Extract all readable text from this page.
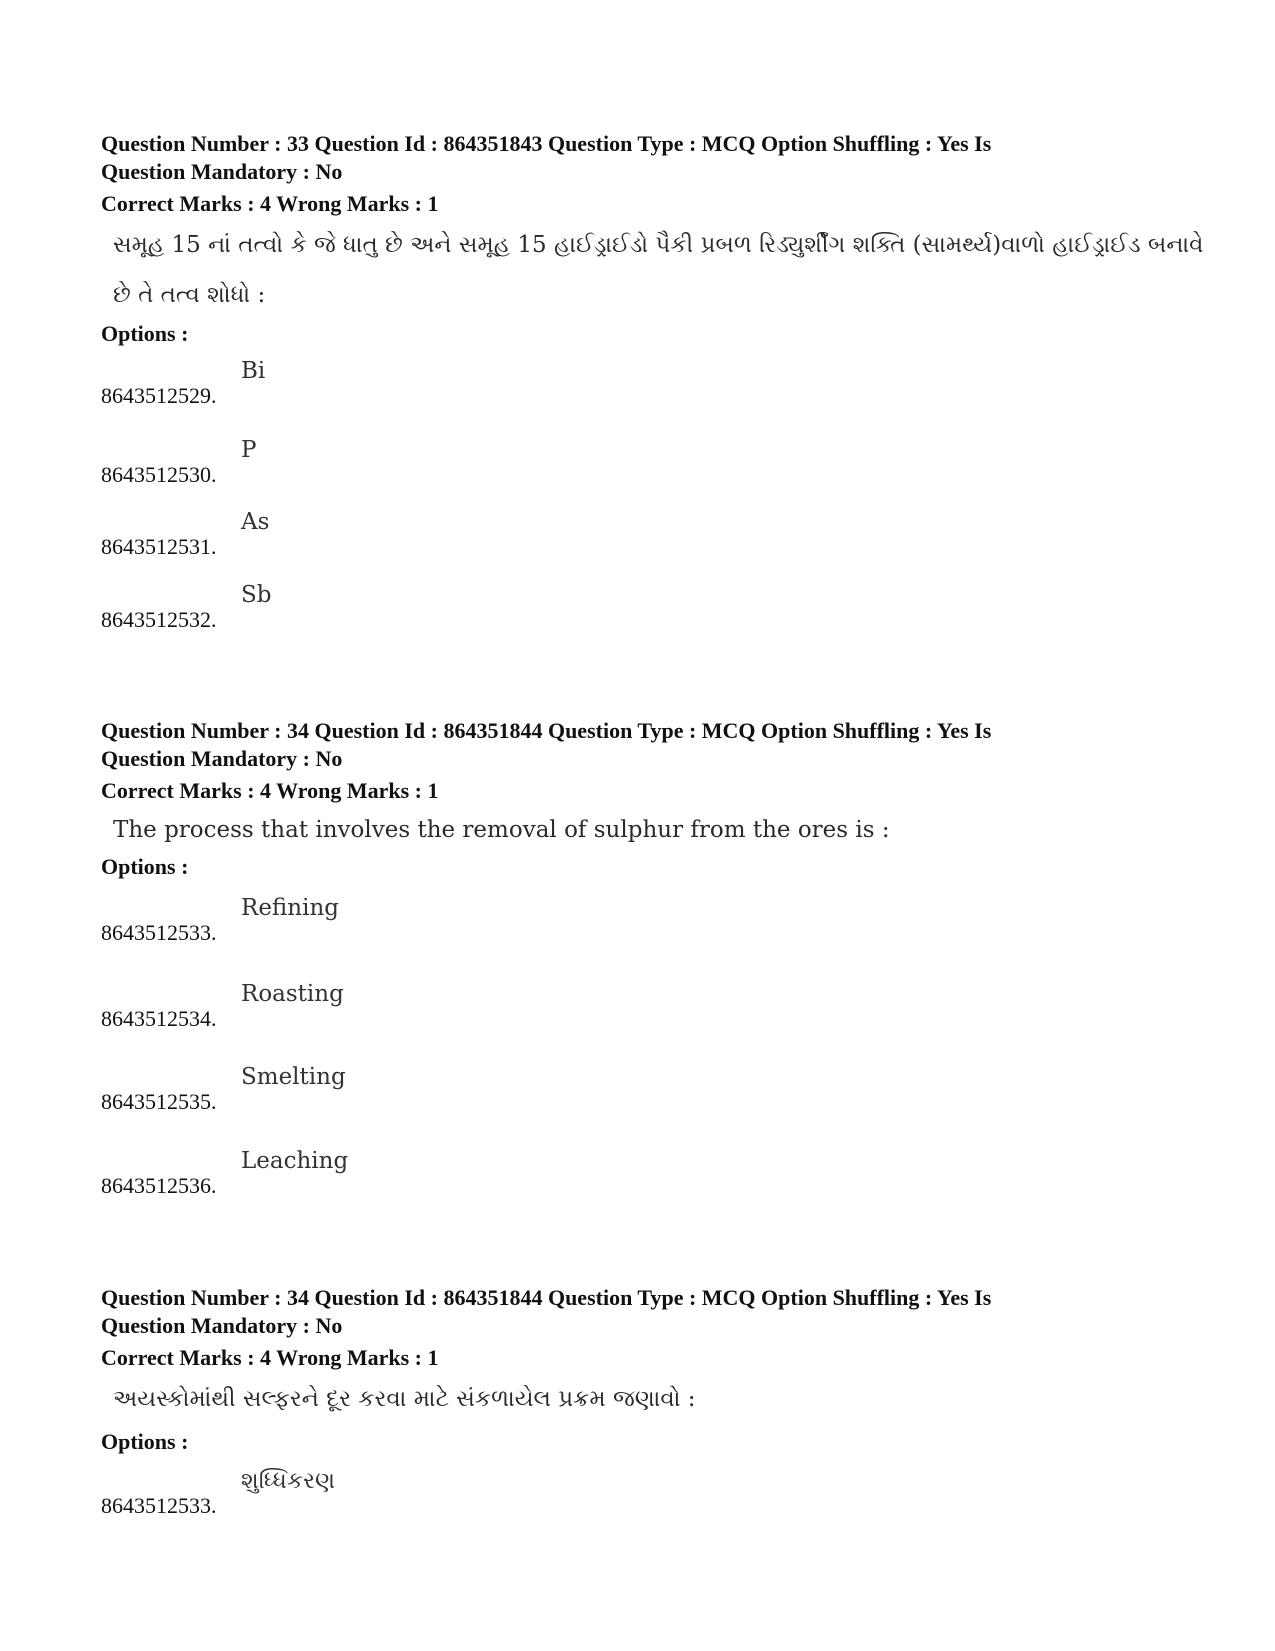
Question Number : 33 Question Id : 864351843 Question Type : MCQ Option Shuffling : Yes Is

Question Mandatory : No

Correct Marks : 4 Wrong Marks : 1

સમૂહ 15 નાં તત્વો કે જે ધાતુ છે અને સમૂહ 15 હાઈડ્રાઈડો પૈકી પ્રબળ રિડ્યુર્શીંગ શક્તિ (સામર્થ્ય)વાળો હાઈડ્રાઈડ બનાવે
છે તે તત્વ શોધો :

Options :

8643512529.
Bi
8643512530.
P
8643512531.
As
8643512532.
Sb

Question Number : 34 Question Id : 864351844 Question Type : MCQ Option Shuffling : Yes Is

Question Mandatory : No

Correct Marks : 4 Wrong Marks : 1

The process that involves the removal of sulphur from the ores is :

Options :

8643512533.
Refining
8643512534.
Roasting
8643512535.
Smelting
8643512536.
Leaching

Question Number : 34 Question Id : 864351844 Question Type : MCQ Option Shuffling : Yes Is

Question Mandatory : No

Correct Marks : 4 Wrong Marks : 1

અયસ્કોમાંથી સલ્ફરને દૂર કરવા માટે સંકળાયેલ પ્રક્રમ જણાવો :

Options :

8643512533.
શુધ્ધિકરણ
